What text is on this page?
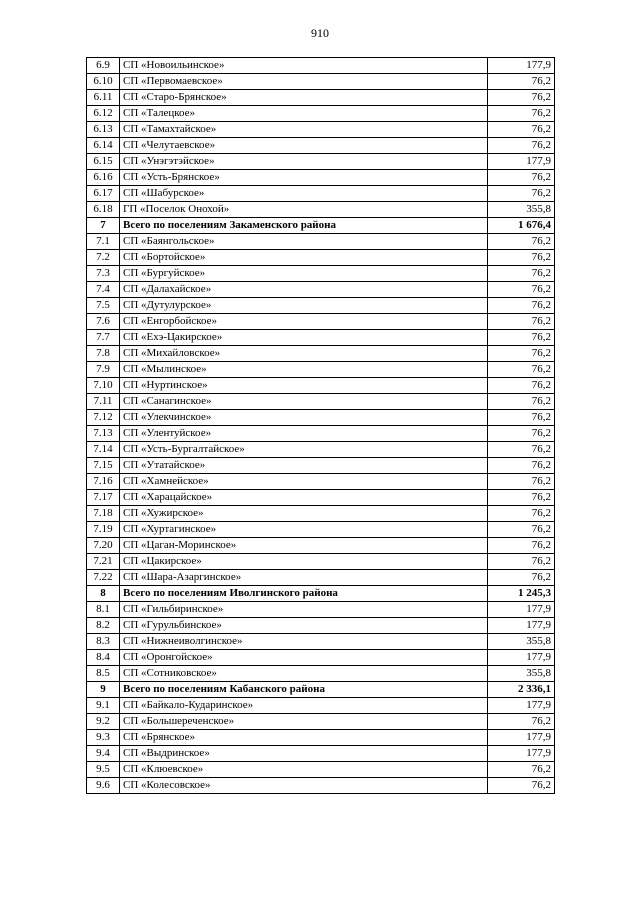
910
6.9	СП «Новоильинское»	177,9
6.10	СП «Первомаевское»	76,2
6.11	СП «Старо-Брянское»	76,2
6.12	СП «Талецкое»	76,2
6.13	СП «Тамахтайское»	76,2
6.14	СП «Челутаевское»	76,2
6.15	СП «Унэгэтэйское»	177,9
6.16	СП «Усть-Брянское»	76,2
6.17	СП «Шабурское»	76,2
6.18	ГП «Поселок Онохой»	355,8
7	Всего по поселениям Закаменского района	1 676,4
7.1	СП «Баянгольское»	76,2
7.2	СП «Бортойское»	76,2
7.3	СП «Бургуйское»	76,2
7.4	СП «Далахайское»	76,2
7.5	СП «Дутулурское»	76,2
7.6	СП «Енгорбойское»	76,2
7.7	СП «Ехэ-Цакирское»	76,2
7.8	СП «Михайловское»	76,2
7.9	СП «Мылинское»	76,2
7.10	СП «Нуртинское»	76,2
7.11	СП «Санагинское»	76,2
7.12	СП «Улекчинское»	76,2
7.13	СП «Улентуйское»	76,2
7.14	СП «Усть-Бургалтайское»	76,2
7.15	СП «Утатайское»	76,2
7.16	СП «Хамнейское»	76,2
7.17	СП «Харацайское»	76,2
7.18	СП «Хужирское»	76,2
7.19	СП «Хуртагинское»	76,2
7.20	СП «Цаган-Моринское»	76,2
7.21	СП «Цакирское»	76,2
7.22	СП «Шара-Азаргинское»	76,2
8	Всего по поселениям Иволгинского района	1 245,3
8.1	СП «Гильбиринское»	177,9
8.2	СП «Гурульбинское»	177,9
8.3	СП «Нижнеиволгинское»	355,8
8.4	СП «Оронгойское»	177,9
8.5	СП «Сотниковское»	355,8
9	Всего по поселениям Кабанского района	2 336,1
9.1	СП «Байкало-Кударинское»	177,9
9.2	СП «Большереченское»	76,2
9.3	СП «Брянское»	177,9
9.4	СП «Выдринское»	177,9
9.5	СП «Клюевское»	76,2
9.6	СП «Колесовское»	76,2
